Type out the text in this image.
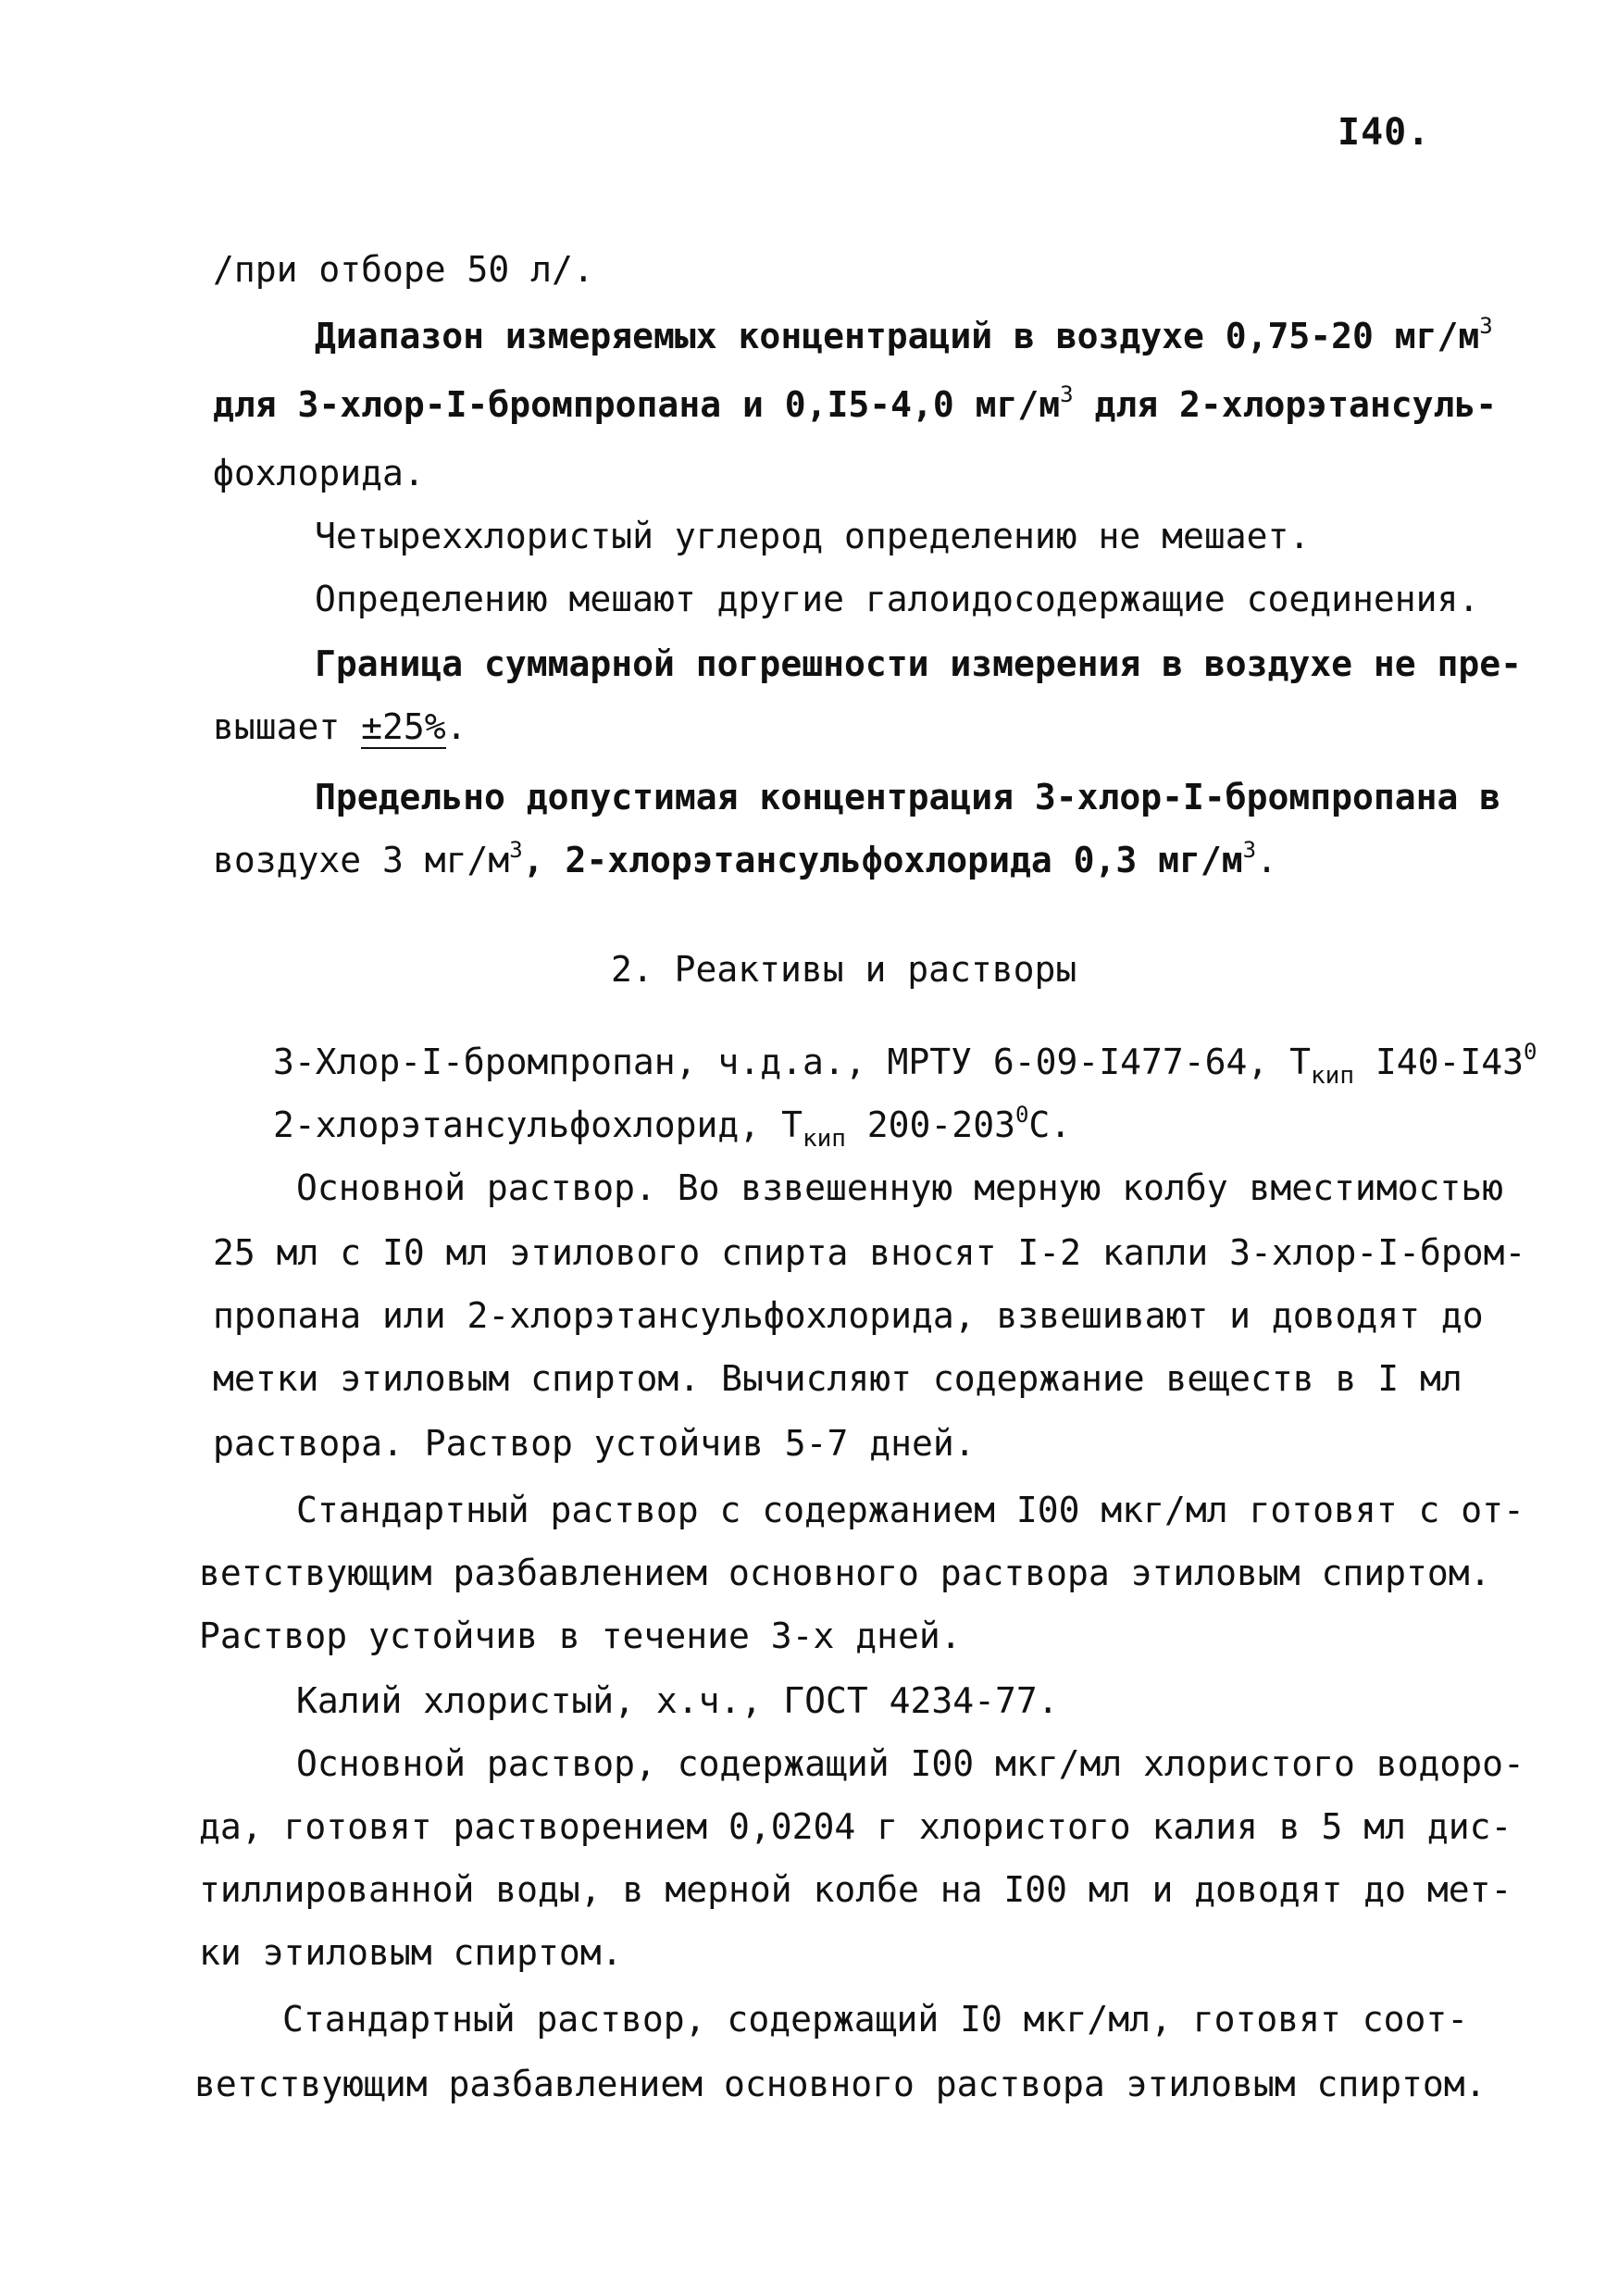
I40.
/при отборе 50 л/.
Диапазон измеряемых концентраций в воздухе 0,75-20 $мг/м^3$
для 3-хлор-I-бромпропана и 0,I5-4,0 $мг/м^3$ для 2-хлорэтансуль-
фохлорида.
Четыреххлористый углерод определению не мешает.
Определению мешают другие галоидосодержащие соединения.
Граница суммарной погрешности измерения в воздухе не пре-
вышает ±25%.
Предельно допустимая концентрация 3-хлор-I-бромпропана в
воздухе 3 $мг/м^3$, 2-хлорэтансульфохлорида 0,3 $мг/м^3$.
2. Реактивы и растворы
3-Хлор-I-бромпропан, ч.д.а., МРТУ 6-09-I477-64, $Т_{кип}$ $I40-I43^0$
2-хлорэтансульфохлорид, $Т_{кип}$ $200-203^0С$.
Основной раствор. Во взвешенную мерную колбу вместимостью
25 мл с I0 мл этилового спирта вносят I-2 капли 3-хлор-I-бром-
пропана или 2-хлорэтансульфохлорида, взвешивают и доводят до
метки этиловым спиртом. Вычисляют содержание веществ в I мл
раствора. Раствор устойчив 5-7 дней.
Стандартный раствор с содержанием I00 мкг/мл готовят с от-
ветствующим разбавлением основного раствора этиловым спиртом.
Раствор устойчив в течение 3-х дней.
Калий хлористый, х.ч., ГОСТ 4234-77.
Основной раствор, содержащий I00 мкг/мл хлористого водоро-
да, готовят растворением 0,0204 г хлористого калия в 5 мл дис-
тиллированной воды, в мерной колбе на I00 мл и доводят до мет-
ки этиловым спиртом.
Стандартный раствор, содержащий I0 мкг/мл, готовят соот-
ветствующим разбавлением основного раствора этиловым спиртом.
